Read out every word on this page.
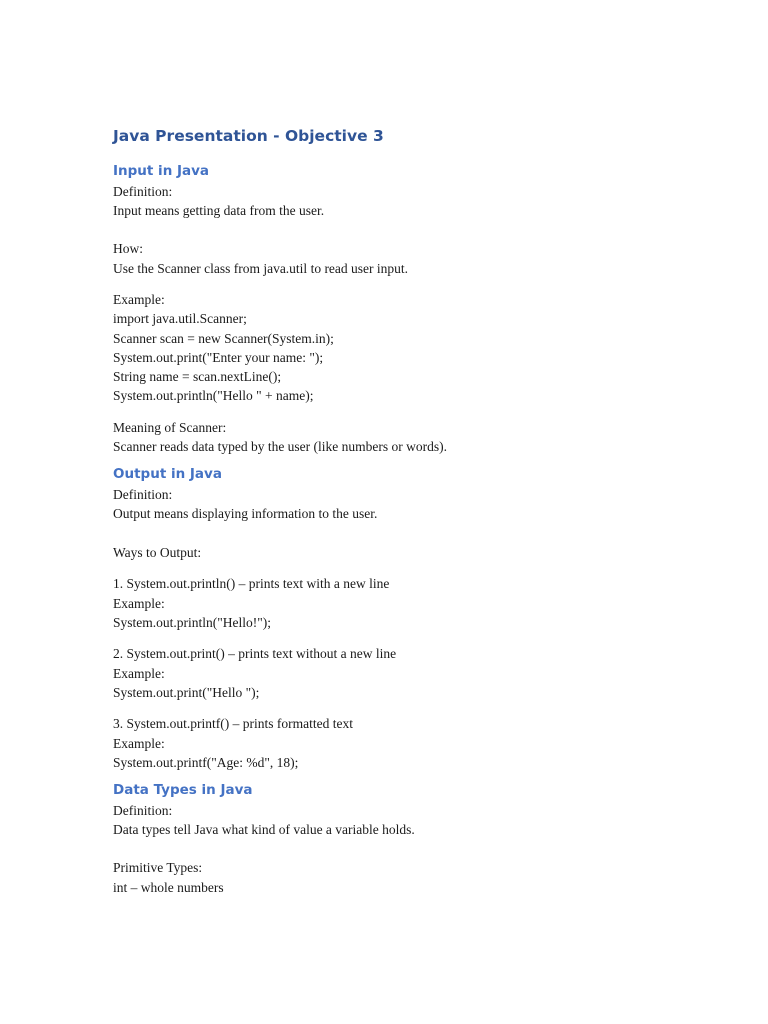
Java Presentation - Objective 3
Input in Java

Definition:

Input means getting data from the user.

How:

Use the Scanner class from java.util to read user input.

Example:

import java.util.Scanner;

Scanner scan = new Scanner(System.in);

System.out.print("Enter your name: ");

String name = scan.nextLine();

System.out.println("Hello " + name);

Meaning of Scanner:

Scanner reads data typed by the user (like numbers or words).

Output in Java

Definition:

Output means displaying information to the user.

Ways to Output:

1. System.out.println() – prints text with a new line

Example:

System.out.println("Hello!");

2. System.out.print() – prints text without a new line

Example:

System.out.print("Hello ");

3. System.out.printf() – prints formatted text

Example:

System.out.printf("Age: %d", 18);

Data Types in Java

Definition:

Data types tell Java what kind of value a variable holds.

Primitive Types:

int – whole numbers
